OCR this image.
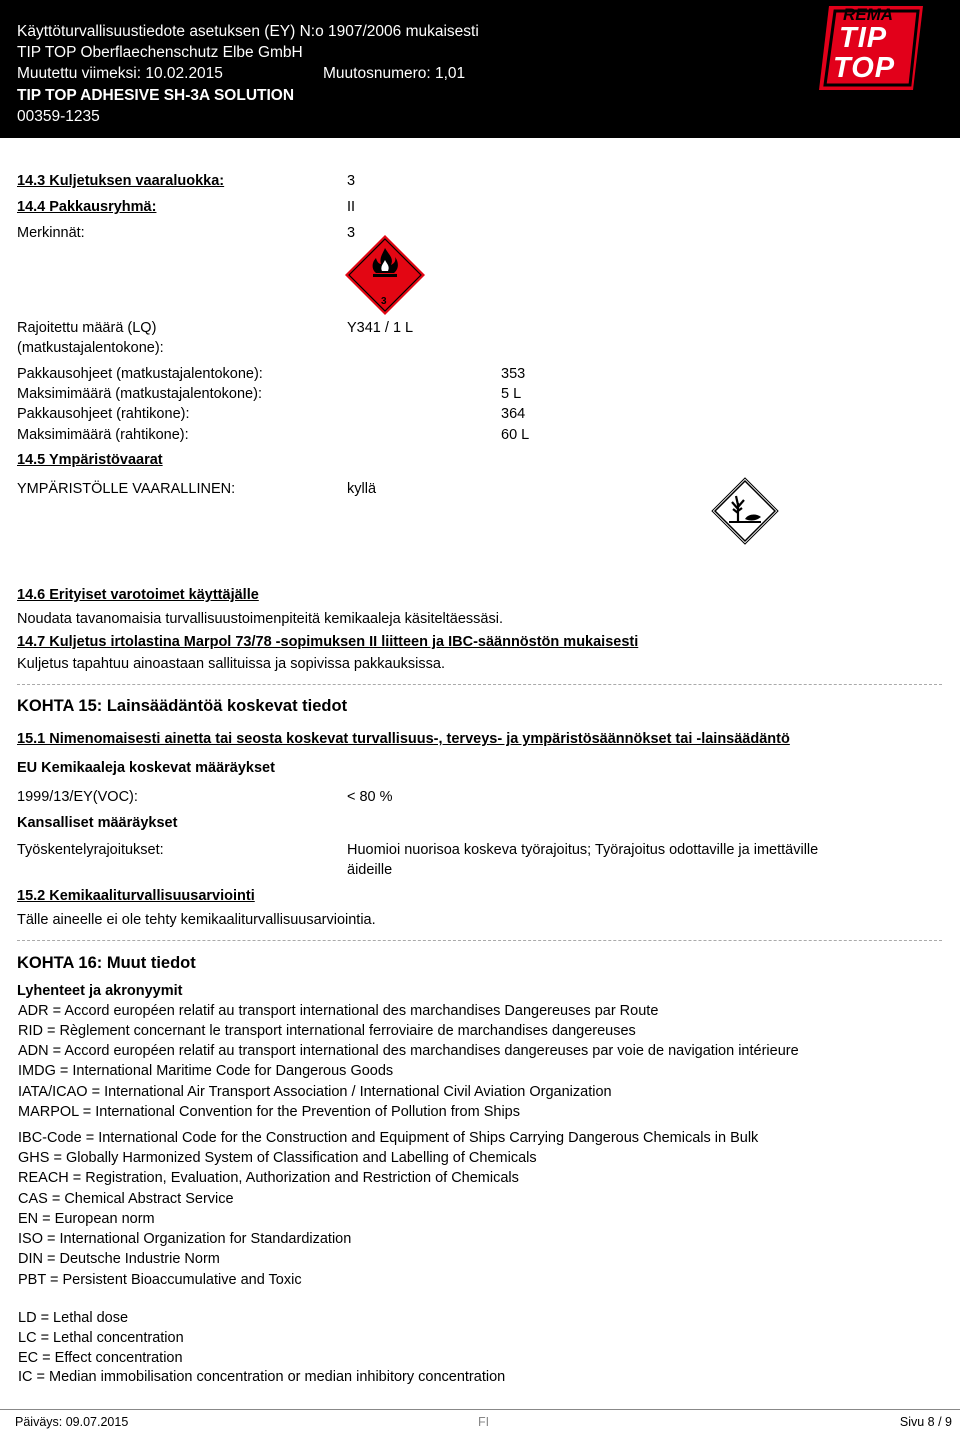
Käyttöturvallisuustiedote asetuksen (EY) N:o 1907/2006 mukaisesti
TIP TOP Oberflaechenschutz Elbe GmbH
Muutettu viimeksi: 10.02.2015	Muutosnumero: 1,01
TIP TOP ADHESIVE SH-3A SOLUTION
00359-1235
REMA
TIP
TOP
14.3 Kuljetuksen vaaraluokka:	3
14.4 Pakkausryhmä:	II
Merkinnät:	3
3
Rajoitettu määrä (LQ)
(matkustajalentokone):
Y341 / 1 L
Pakkausohjeet (matkustajalentokone):	353
Maksimimäärä (matkustajalentokone):	5 L
Pakkausohjeet (rahtikone):	364
Maksimimäärä (rahtikone):	60 L
14.5 Ympäristövaarat
YMPÄRISTÖLLE VAARALLINEN:	kyllä
14.6 Erityiset varotoimet käyttäjälle
Noudata tavanomaisia turvallisuustoimenpiteitä kemikaaleja käsiteltäessäsi.
14.7 Kuljetus irtolastina Marpol 73/78 -sopimuksen II liitteen ja IBC-säännöstön mukaisesti
Kuljetus tapahtuu ainoastaan sallituissa ja sopivissa pakkauksissa.
KOHTA 15: Lainsäädäntöä koskevat tiedot
15.1 Nimenomaisesti ainetta tai seosta koskevat turvallisuus-, terveys- ja ympäristösäännökset tai -lainsäädäntö
EU Kemikaaleja koskevat määräykset
1999/13/EY(VOC):	< 80 %
Kansalliset määräykset
Työskentelyrajoitukset:	Huomioi nuorisoa koskeva työrajoitus; Työrajoitus odottaville ja imettäville
äideille
15.2 Kemikaaliturvallisuusarviointi
Tälle aineelle ei ole tehty kemikaaliturvallisuusarviointia.
KOHTA 16: Muut tiedot
Lyhenteet ja akronyymit
ADR = Accord européen relatif au transport international des marchandises Dangereuses par Route
RID = Règlement concernant le transport international ferroviaire de marchandises dangereuses
ADN = Accord européen relatif au transport international des marchandises dangereuses par voie de navigation intérieure
IMDG = International Maritime Code for Dangerous Goods
IATA/ICAO = International Air Transport Association / International Civil Aviation Organization
MARPOL = International Convention for the Prevention of Pollution from Ships
IBC-Code = International Code for the Construction and Equipment of Ships Carrying Dangerous Chemicals in Bulk
GHS = Globally Harmonized System of Classification and Labelling of Chemicals
REACH = Registration, Evaluation, Authorization and Restriction of Chemicals
CAS = Chemical Abstract Service
EN = European norm
ISO = International Organization for Standardization
DIN = Deutsche Industrie Norm
PBT = Persistent Bioaccumulative and Toxic
LD = Lethal dose
LC = Lethal concentration
EC = Effect concentration
IC = Median immobilisation concentration or median inhibitory concentration
Päiväys: 09.07.2015	FI	Sivu 8 / 9
